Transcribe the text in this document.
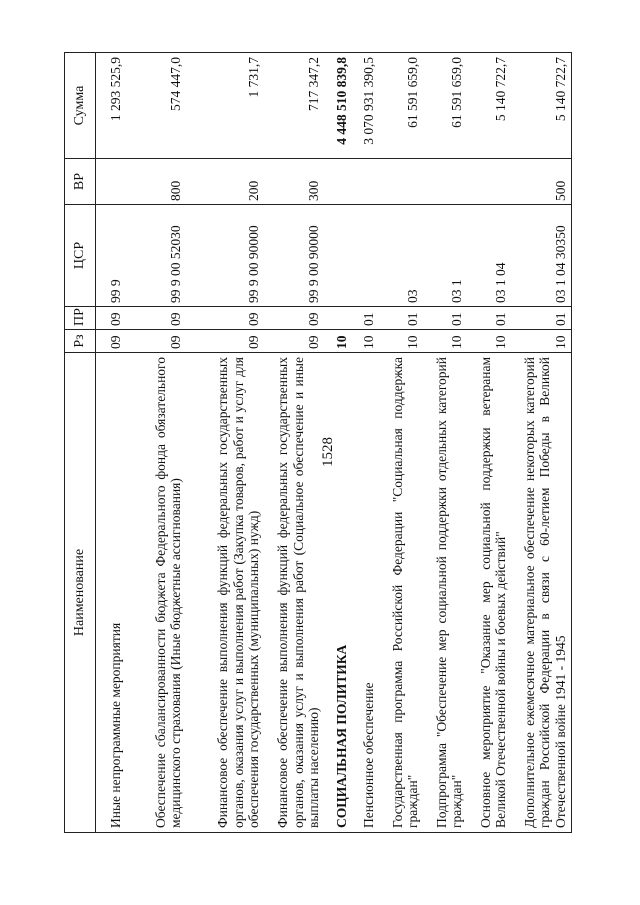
1528
Наименование	Рз	ПР	ЦСР	ВР	Сумма
Иные непрограммные мероприятия	09	09	99 9		1 293 525,9
Обеспечение сбалансированности бюджета Федерального фонда обязательного медицинского страхования (Иные бюджетные ассигнования)	09	09	99 9 00 52030	800	574 447,0
Финансовое обеспечение выполнения функций федеральных государственных органов, оказания услуг и выполнения работ (Закупка товаров, работ и услуг для обеспечения государственных (муниципальных) нужд)	09	09	99 9 00 90000	200	1 731,7
Финансовое обеспечение выполнения функций федеральных государственных органов, оказания услуг и выполнения работ (Социальное обеспечение и иные выплаты населению)	09	09	99 9 00 90000	300	717 347,2
СОЦИАЛЬНАЯ ПОЛИТИКА	10				4 448 510 839,8
Пенсионное обеспечение	10	01			3 070 931 390,5
Государственная программа Российской Федерации "Социальная поддержка граждан"	10	01	03		61 591 659,0
Подпрограмма "Обеспечение мер социальной поддержки отдельных категорий граждан"	10	01	03 1		61 591 659,0
Основное мероприятие "Оказание мер социальной поддержки ветеранам Великой Отечественной войны и боевых действий"	10	01	03 1 04		5 140 722,7
Дополнительное ежемесячное материальное обеспечение некоторых категорий граждан Российской Федерации в связи с 60-летием Победы в Великой Отечественной войне 1941 - 1945	10	01	03 1 04 30350	500	5 140 722,7
